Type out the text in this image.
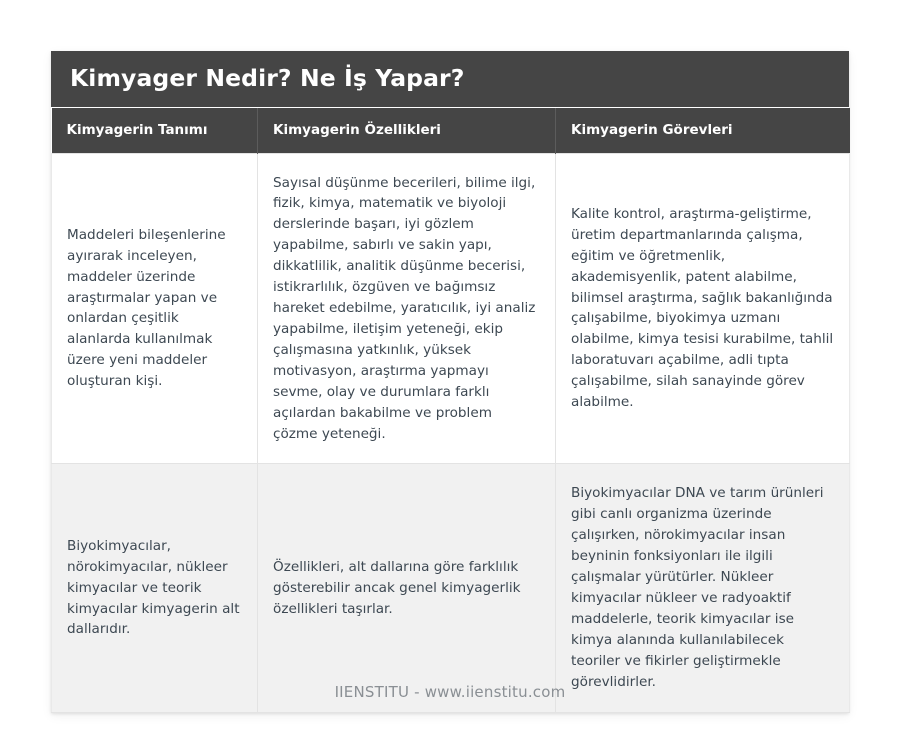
Kimyager Nedir? Ne İş Yapar?
Kimyagerin Tanımı	Kimyagerin Özellikleri	Kimyagerin Görevleri
Maddeleri bileşenlerine ayırarak inceleyen, maddeler üzerinde araştırmalar yapan ve onlardan çeşitlik alanlarda kullanılmak üzere yeni maddeler oluşturan kişi.	Sayısal düşünme becerileri, bilime ilgi, fizik, kimya, matematik ve biyoloji derslerinde başarı, iyi gözlem yapabilme, sabırlı ve sakin yapı, dikkatlilik, analitik düşünme becerisi, istikrarlılık, özgüven ve bağımsız hareket edebilme, yaratıcılık, iyi analiz yapabilme, iletişim yeteneği, ekip çalışmasına yatkınlık, yüksek motivasyon, araştırma yapmayı sevme, olay ve durumlara farklı açılardan bakabilme ve problem çözme yeteneği.	Kalite kontrol, araştırma-geliştirme, üretim departmanlarında çalışma, eğitim ve öğretmenlik, akademisyenlik, patent alabilme, bilimsel araştırma, sağlık bakanlığında çalışabilme, biyokimya uzmanı olabilme, kimya tesisi kurabilme, tahlil laboratuvarı açabilme, adli tıpta çalışabilme, silah sanayinde görev alabilme.
Biyokimyacılar, nörokimyacılar, nükleer kimyacılar ve teorik kimyacılar kimyagerin alt dallarıdır.	Özellikleri, alt dallarına göre farklılık gösterebilir ancak genel kimyagerlik özellikleri taşırlar.	Biyokimyacılar DNA ve tarım ürünleri gibi canlı organizma üzerinde çalışırken, nörokimyacılar insan beyninin fonksiyonları ile ilgili çalışmalar yürütürler. Nükleer kimyacılar nükleer ve radyoaktif maddelerle, teorik kimyacılar ise kimya alanında kullanılabilecek teoriler ve fikirler geliştirmekle görevlidirler.
IIENSTITU - www.iienstitu.com
